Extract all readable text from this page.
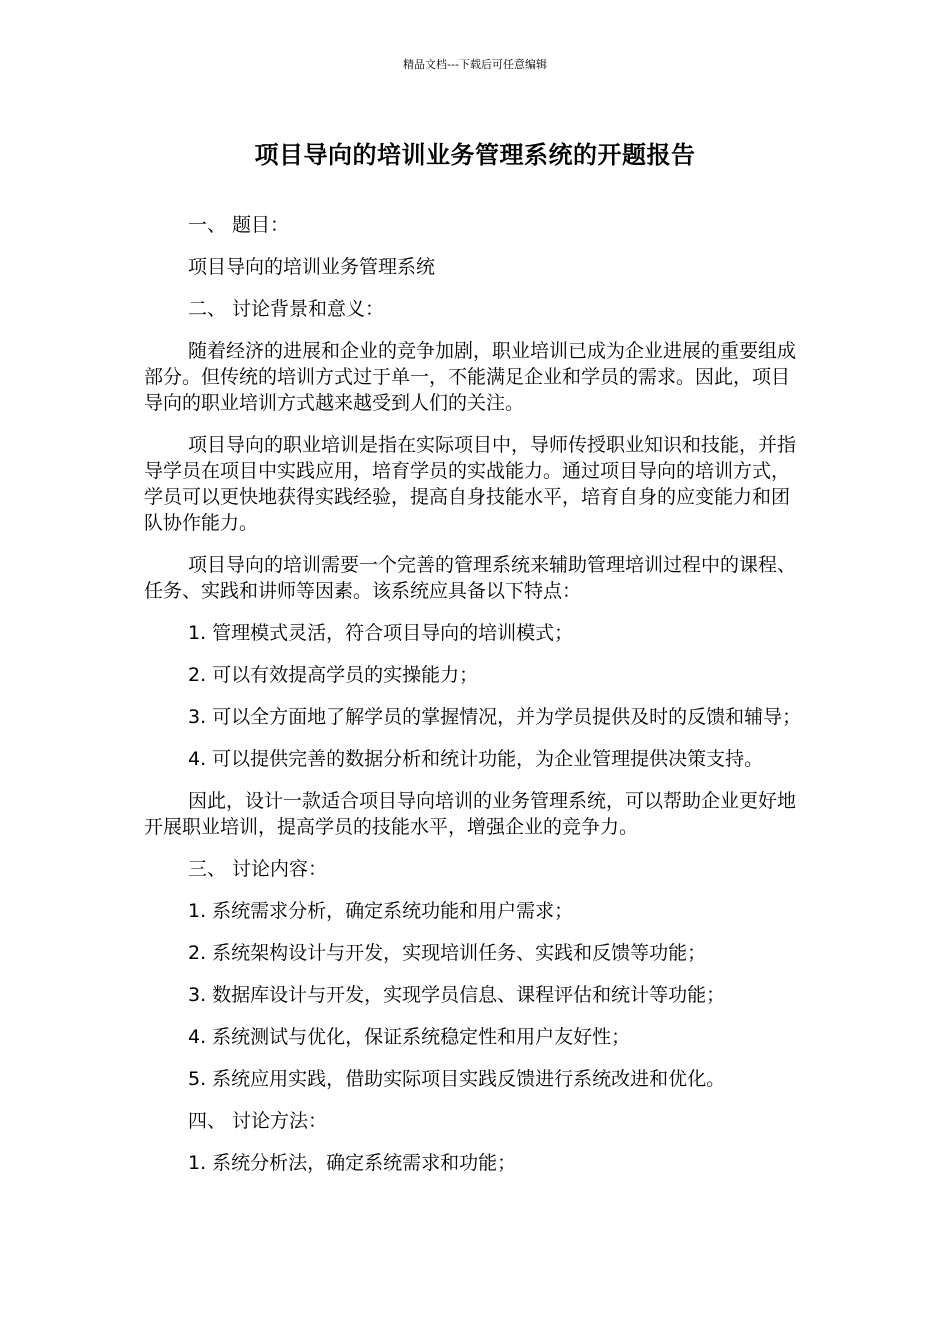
精品文档---下载后可任意编辑
项目导向的培训业务管理系统的开题报告

一、 题目：

项目导向的培训业务管理系统

二、 讨论背景和意义：

随着经济的进展和企业的竞争加剧，职业培训已成为企业进展的重要组成部分。但传统的培训方式过于单一，不能满足企业和学员的需求。因此，项目导向的职业培训方式越来越受到人们的关注。

项目导向的职业培训是指在实际项目中，导师传授职业知识和技能，并指导学员在项目中实践应用，培育学员的实战能力。通过项目导向的培训方式，学员可以更快地获得实践经验，提高自身技能水平，培育自身的应变能力和团队协作能力。

项目导向的培训需要一个完善的管理系统来辅助管理培训过程中的课程、任务、实践和讲师等因素。该系统应具备以下特点：

1. 管理模式灵活，符合项目导向的培训模式；

2. 可以有效提高学员的实操能力；

3. 可以全方面地了解学员的掌握情况，并为学员提供及时的反馈和辅导；

4. 可以提供完善的数据分析和统计功能，为企业管理提供决策支持。

因此，设计一款适合项目导向培训的业务管理系统，可以帮助企业更好地开展职业培训，提高学员的技能水平，增强企业的竞争力。

三、 讨论内容：

1. 系统需求分析，确定系统功能和用户需求；

2. 系统架构设计与开发，实现培训任务、实践和反馈等功能；

3. 数据库设计与开发，实现学员信息、课程评估和统计等功能；

4. 系统测试与优化，保证系统稳定性和用户友好性；

5. 系统应用实践，借助实际项目实践反馈进行系统改进和优化。

四、 讨论方法：

1. 系统分析法，确定系统需求和功能；
